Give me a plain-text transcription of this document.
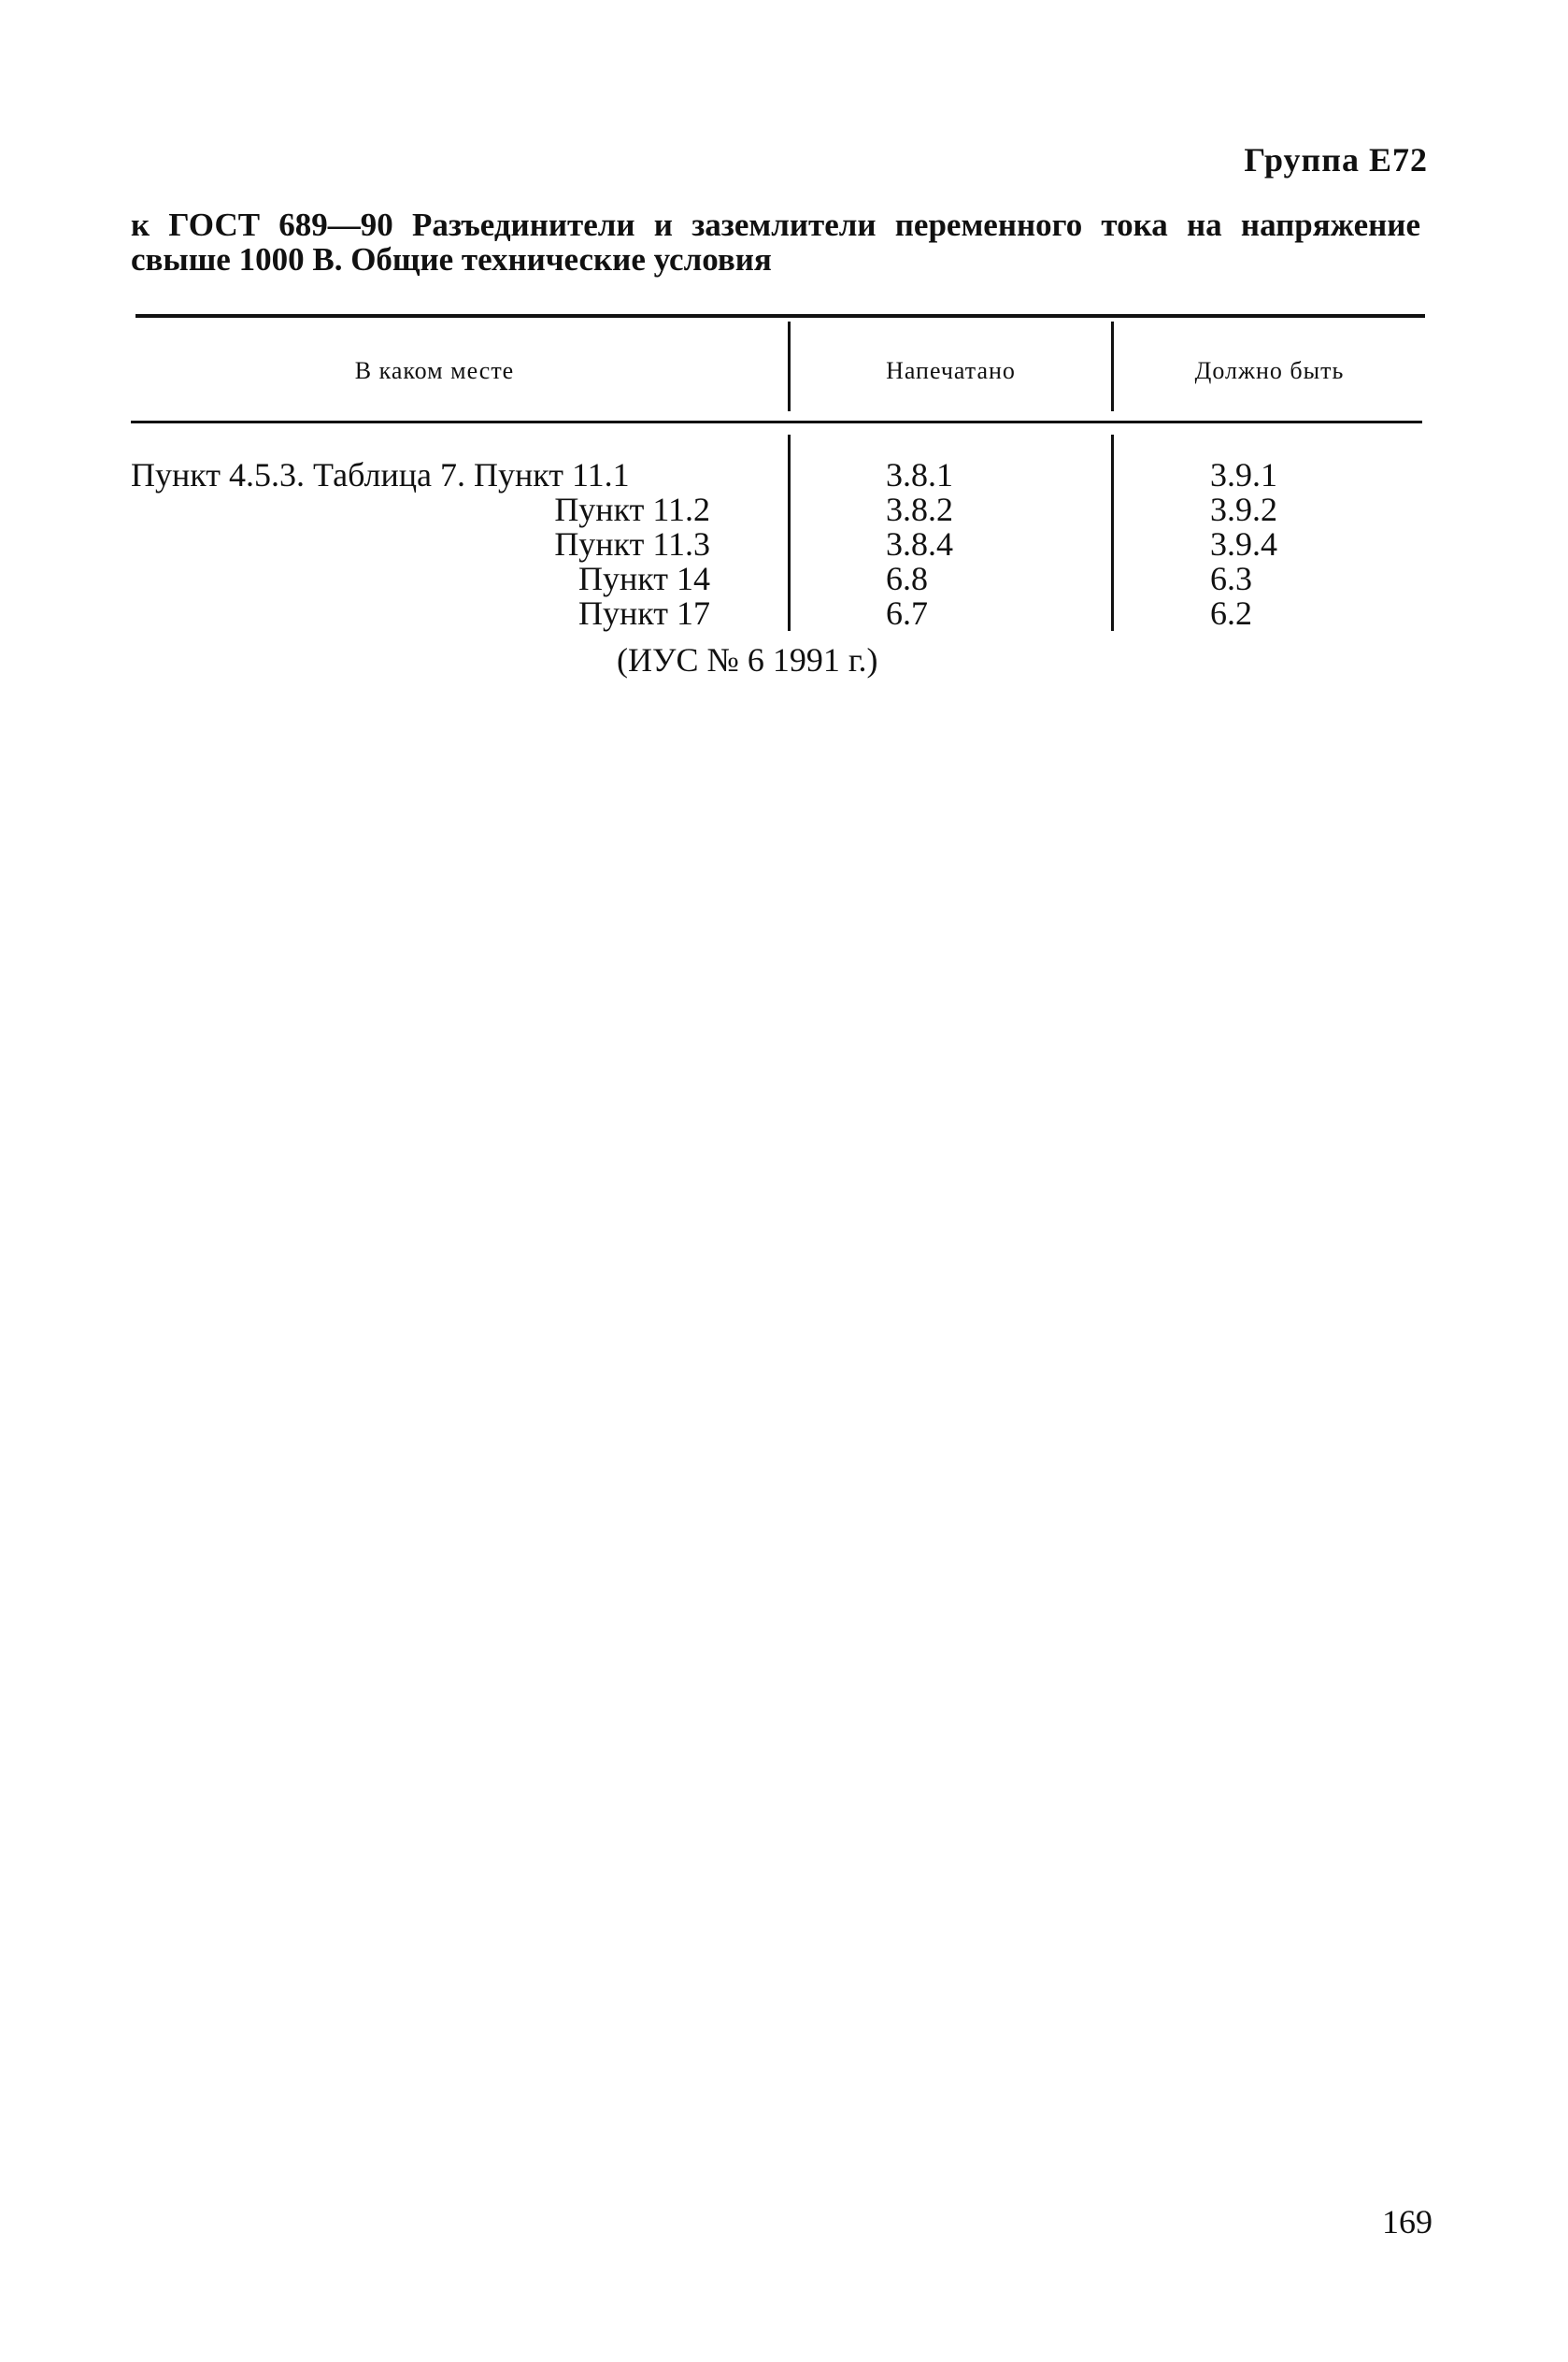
Группа Е72
к ГОСТ 689—90 Разъединители и заземлители переменного тока на напряжение свыше 1000 В. Общие технические условия
В каком месте	Напечатано	Должно быть
Пункт 4.5.3. Таблица 7. Пункт 11.1
Пункт 11.2
Пункт 11.3
Пункт 14
Пункт 17
3.8.1
3.8.2
3.8.4
6.8
6.7
3.9.1
3.9.2
3.9.4
6.3
6.2
(ИУС № 6 1991 г.)
169
